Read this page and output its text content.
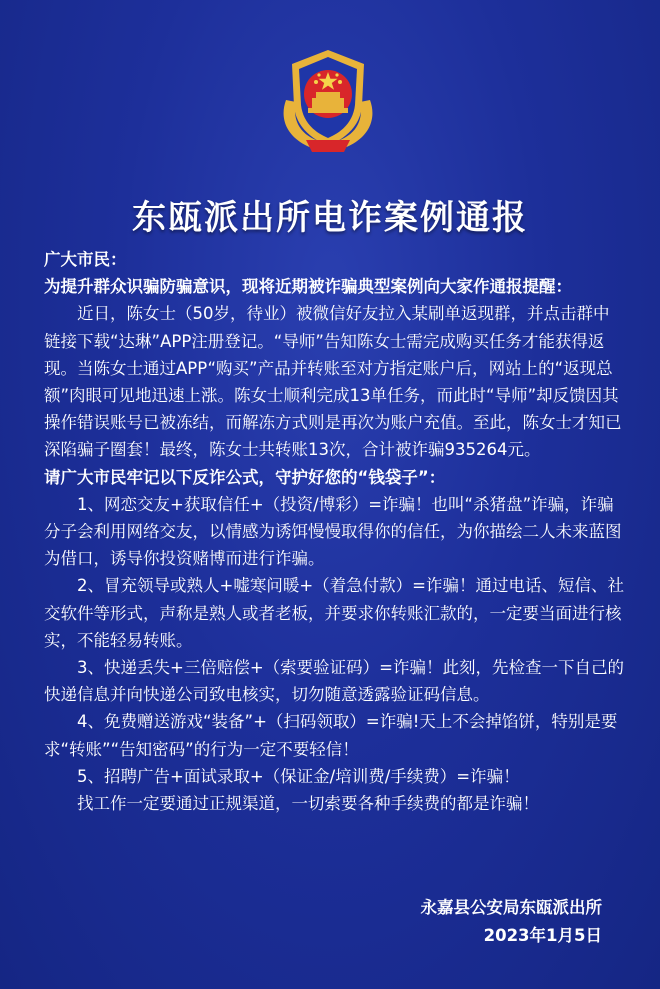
东瓯派出所电诈案例通报

广大市民：

为提升群众识骗防骗意识，现将近期被诈骗典型案例向大家作通报提醒：

近日，陈女士（50岁，待业）被微信好友拉入某刷单返现群，并点击群中链接下载“达琳”APP注册登记。“导师”告知陈女士需完成购买任务才能获得返现。当陈女士通过APP“购买”产品并转账至对方指定账户后，网站上的“返现总额”肉眼可见地迅速上涨。陈女士顺利完成13单任务，而此时“导师”却反馈因其操作错误账号已被冻结，而解冻方式则是再次为账户充值。至此，陈女士才知已深陷骗子圈套！最终，陈女士共转账13次，合计被诈骗935264元。

请广大市民牢记以下反诈公式，守护好您的“钱袋子”：

1、网恋交友+获取信任+（投资/博彩）=诈骗！也叫“杀猪盘”诈骗，诈骗分子会利用网络交友，以情感为诱饵慢慢取得你的信任，为你描绘二人未来蓝图为借口，诱导你投资赌博而进行诈骗。

2、冒充领导或熟人+嘘寒问暖+（着急付款）=诈骗！通过电话、短信、社交软件等形式，声称是熟人或者老板，并要求你转账汇款的，一定要当面进行核实，不能轻易转账。

3、快递丢失+三倍赔偿+（索要验证码）=诈骗！此刻，先检查一下自己的快递信息并向快递公司致电核实，切勿随意透露验证码信息。

4、免费赠送游戏“装备”+（扫码领取）=诈骗!天上不会掉馅饼，特别是要求“转账”“告知密码”的行为一定不要轻信！

5、招聘广告+面试录取+（保证金/培训费/手续费）=诈骗！

找工作一定要通过正规渠道，一切索要各种手续费的都是诈骗！

永嘉县公安局东瓯派出所
2023年1月5日
